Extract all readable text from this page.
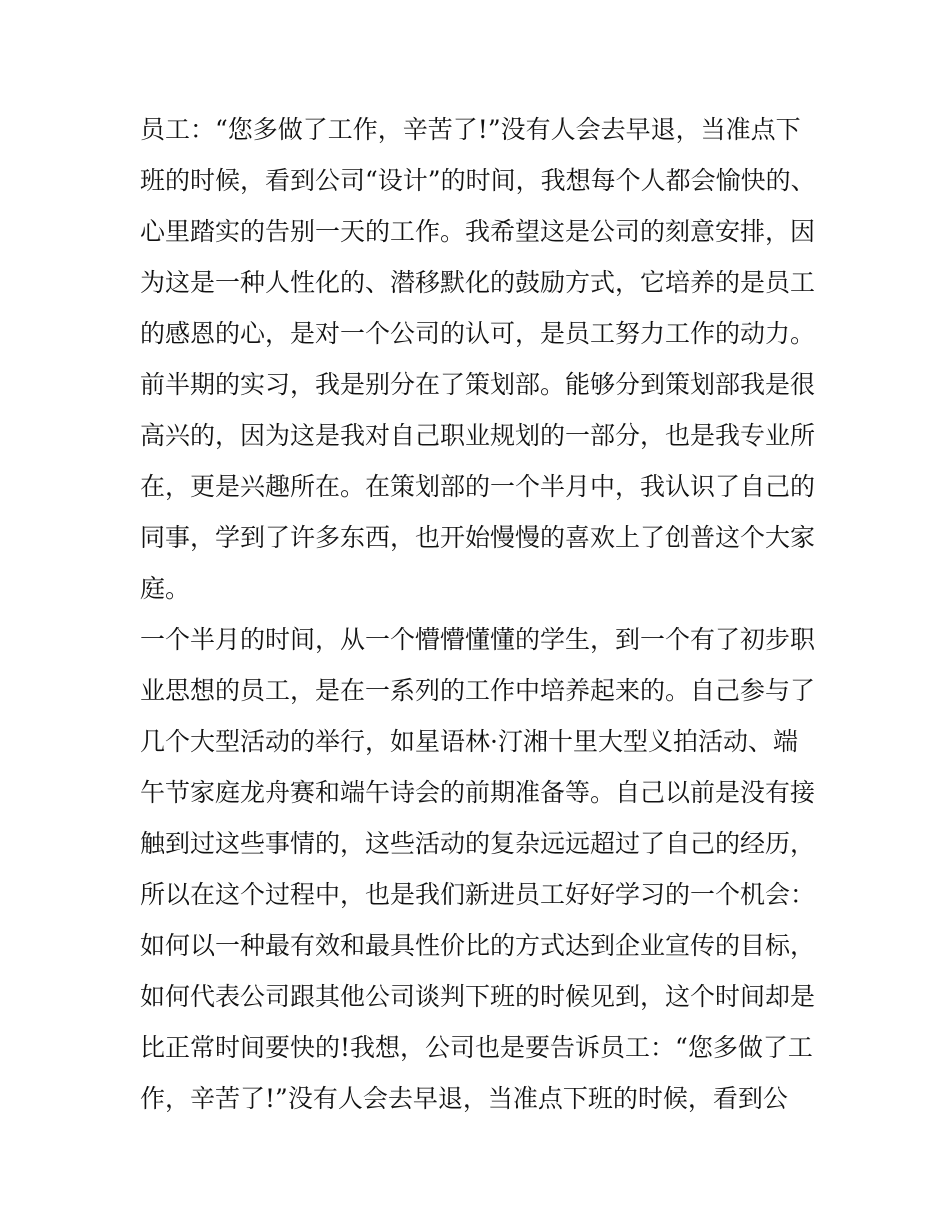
员工：“您多做了工作，辛苦了!”没有人会去早退，当准点下
班的时候，看到公司“设计”的时间，我想每个人都会愉快的、
心里踏实的告别一天的工作。我希望这是公司的刻意安排，因
为这是一种人性化的、潜移默化的鼓励方式，它培养的是员工
的感恩的心，是对一个公司的认可，是员工努力工作的动力。
前半期的实习，我是别分在了策划部。能够分到策划部我是很
高兴的，因为这是我对自己职业规划的一部分，也是我专业所
在，更是兴趣所在。在策划部的一个半月中，我认识了自己的
同事，学到了许多东西，也开始慢慢的喜欢上了创普这个大家
庭。
一个半月的时间，从一个懵懵懂懂的学生，到一个有了初步职
业思想的员工，是在一系列的工作中培养起来的。自己参与了
几个大型活动的举行，如星语林·汀湘十里大型义拍活动、端
午节家庭龙舟赛和端午诗会的前期准备等。自己以前是没有接
触到过这些事情的，这些活动的复杂远远超过了自己的经历，
所以在这个过程中，也是我们新进员工好好学习的一个机会：
如何以一种最有效和最具性价比的方式达到企业宣传的目标，
如何代表公司跟其他公司谈判下班的时候见到，这个时间却是
比正常时间要快的!我想，公司也是要告诉员工：“您多做了工
作，辛苦了!”没有人会去早退，当准点下班的时候，看到公
